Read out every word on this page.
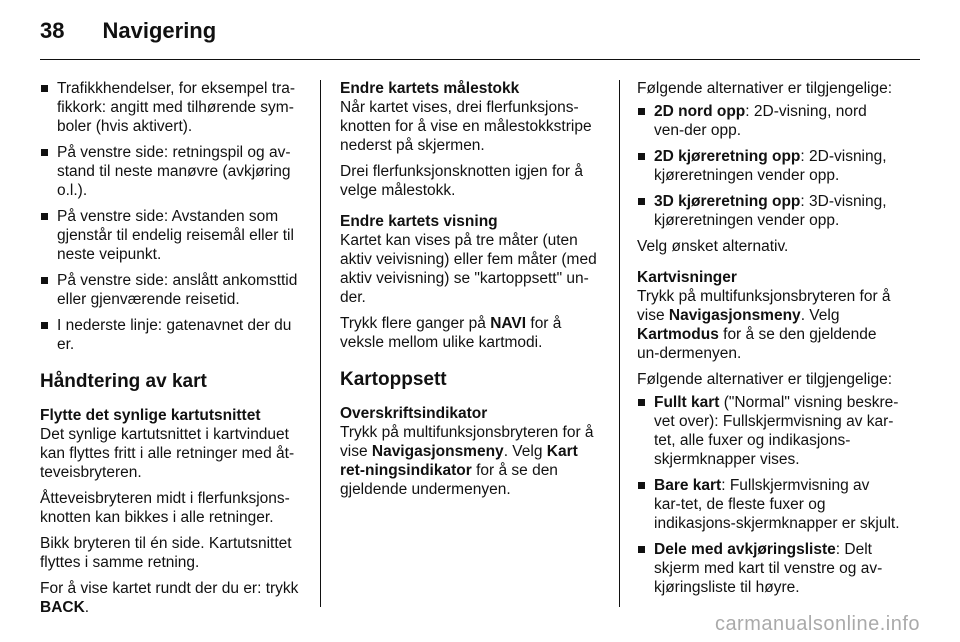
38 Navigering
Trafikkhendelser, for eksempel tra-fikkork: angitt med tilhørende sym-boler (hvis aktivert).
På venstre side: retningspil og av-stand til neste manøvre (avkjøring o.l.).
På venstre side: Avstanden som gjenstår til endelig reisemål eller til neste veipunkt.
På venstre side: anslått ankomsttid eller gjenværende reisetid.
I nederste linje: gatenavnet der du er.
Håndtering av kart
Flytte det synlige kartutsnittet

Det synlige kartutsnittet i kartvinduet kan flyttes fritt i alle retninger med åt-teveisbryteren.

Åtteveisbryteren midt i flerfunksjons-knotten kan bikkes i alle retninger.

Bikk bryteren til én side. Kartutsnittet flyttes i samme retning.

For å vise kartet rundt der du er: trykk BACK.

Endre kartets målestokk

Når kartet vises, drei flerfunksjons-knotten for å vise en målestokkstripe nederst på skjermen.

Drei flerfunksjonsknotten igjen for å velge målestokk.

Endre kartets visning

Kartet kan vises på tre måter (uten aktiv veivisning) eller fem måter (med aktiv veivisning) se "kartoppsett" un-der.

Trykk flere ganger på NAVI for å veksle mellom ulike kartmodi.

Kartoppsett
Overskriftsindikator

Trykk på multifunksjonsbryteren for å vise Navigasjonsmeny. Velg Kart ret-ningsindikator for å se den gjeldende undermenyen.

Følgende alternativer er tilgjengelige:

2D nord opp: 2D-visning, nord ven-der opp.
2D kjøreretning opp: 2D-visning, kjøreretningen vender opp.
3D kjøreretning opp: 3D-visning, kjøreretningen vender opp.

Velg ønsket alternativ.

Kartvisninger

Trykk på multifunksjonsbryteren for å vise Navigasjonsmeny. Velg Kartmodus for å se den gjeldende un-dermenyen.

Følgende alternativer er tilgjengelige:

Fullt kart ("Normal" visning beskre-vet over): Fullskjermvisning av kar-tet, alle fuxer og indikasjons-skjermknapper vises.
Bare kart: Fullskjermvisning av kar-tet, de fleste fuxer og indikasjons-skjermknapper er skjult.
Dele med avkjøringsliste: Delt skjerm med kart til venstre og av-kjøringsliste til høyre.
carmanualsonline.info
